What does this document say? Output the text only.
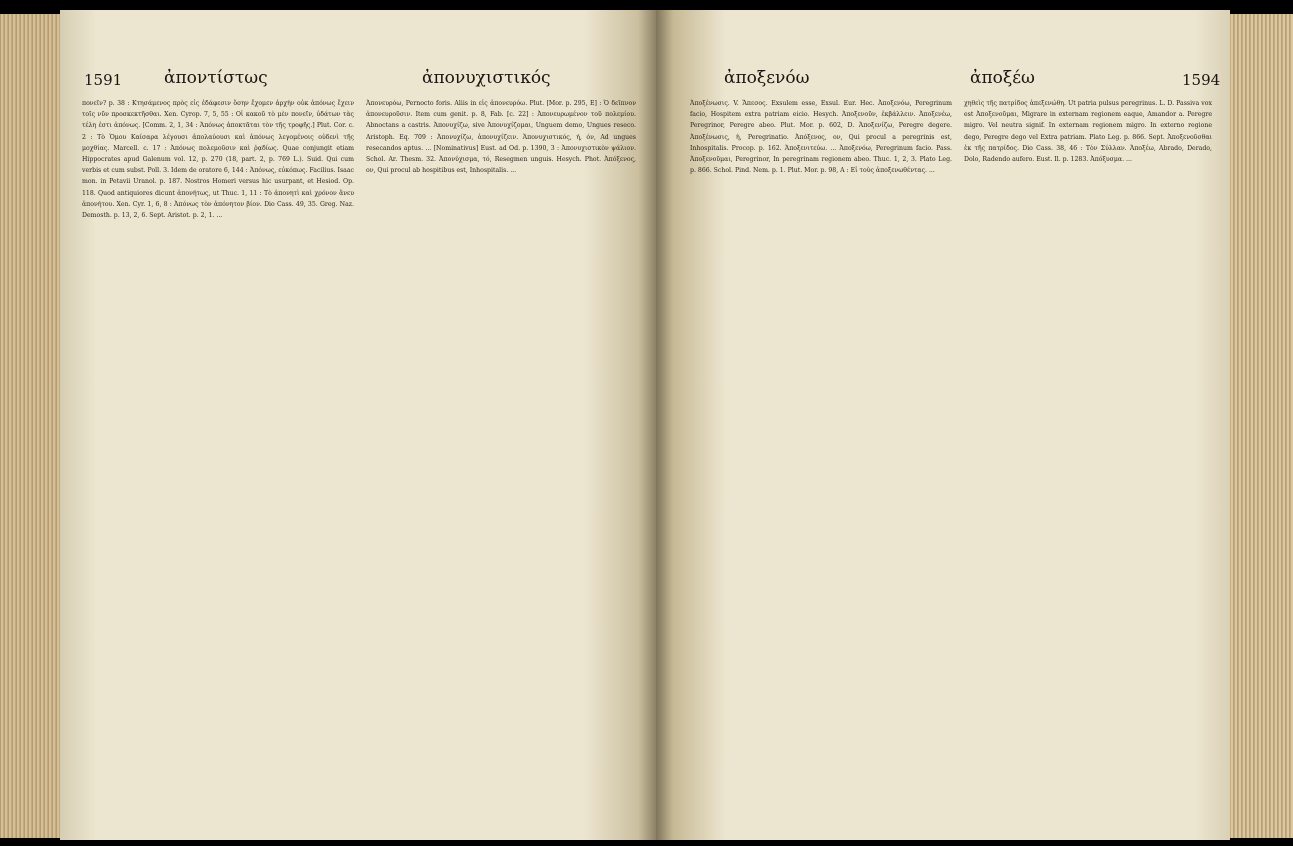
1591 ἀποντίστως	ἀπονυχιστικός

πονεῖν? p. 38 : Κτησάμενος πρὸς εἰς ἐδάφεσιν ὅσην ἔχομεν ἀρχὴν οὐκ ἀπόνως ἔχειν τοῖς νῦν προσκεκτῆσθαι. Xen. Cyrop. 7, 5, 55 : Οἱ κακοῦ τὸ μὲν πονεῖν, ὑδάτων τὰς τέλη ἐστι ἀπόνως. [Comm. 2, 1, 34 : Ἀπόνως ἀποκτᾶται τὸν τῆς τροφῆς.] Plut. Cor. c. 2 : Τὸ Ὁμου Καίσαρα λέγουσι ἀπολαύουσι καὶ ἀπόνως λεγομένοις οὐδενὶ τῆς μοχθίας. Marcell. c. 17 : Ἀπόνως πολεμοῦσιν καὶ ῥᾳδίως. Quae conjungit etiam Hippocrates apud Galenum vol. 12, p. 270 (18, part. 2, p. 769 L.). Suid. Qui cum verbis et cum subst. Poll. 3. Idem de oratore 6, 144 : Ἀπόνως, εὐκόπως. Facilius. Isaac mon. in Petavii Uranol. p. 187. Nostros Homeri versus hic usurpant, et Hesiod. Op. 118. Quod antiquiores dicunt ἀπονήτως, ut Thuc. 1, 11 : Τὸ ἀπονητὶ καὶ χρόνον ἄνευ ἀπονήτου. Xen. Cyr. 1, 6, 8 : Ἀπόνως τὸν ἀπόνητον βίον. Dio Cass. 49, 35. Greg. Naz. Demosth. p. 13, 2, 6. Sept. Aristot. p. 2, 1. ...

Ἀπονευρόω, Pernocto foris. Aliis in εἰς ἀπονευρόω. Plut. [Mor. p. 295, E] : Ὁ δεῖπνον ἀπονευροῦσιν. Item cum genit. p. 8, Fab. [c. 22] : Ἀπονευρωμένον τοῦ πολεμίου. Abnoctans a castris. Ἀπονυχίζω, sive Ἀπονυχίζομαι, Unguem demo, Ungues reseco. Aristoph. Eq. 709 : Ἀπονυχίζω, ἀπονυχίζειν. Ἀπονυχιστικός, ή, όν, Ad ungues resecandos aptus. ... [Nominativus] Eust. ad Od. p. 1390, 3 : Ἀπονυχιστικὸν ψάλιον. Schol. Ar. Thesm. 32. Ἀπονύχισμα, τό, Resegmen unguis. Hesych. Phot. Ἀπόξενος, ον, Qui procul ab hospitibus est, Inhospitalis. ...

ἀποξενόω	ἀποξέω	1594

Ἀποξένωσις. V. Ἄπεσος. Exsulem esse, Exsul. Eur. Hec. Ἀποξενόω, Peregrinum facio, Hospitem extra patriam eicio. Hesych. Ἀποξενοῦν, ἐκβάλλειν. Ἀποξενέω, Peregrinor, Peregre abeo. Plut. Mor. p. 602, D. Ἀποξενίζω, Peregre degere. Ἀποξένωσις, ἡ, Peregrinatio. Ἀπόξενος, ον, Qui procul a peregrinis est, Inhospitalis. Procop. p. 162. Ἀποξενιτεύω. ... Ἀποξενόω, Peregrinum facio. Pass. Ἀποξενοῦμαι, Peregrinor, In peregrinam regionem abeo. Thuc. 1, 2, 3. Plato Leg. p. 866. Schol. Pind. Nem. p. 1. Plut. Mor. p. 98, A : Εἰ τοὺς ἀποξενωθέντας. ...

χηθεὶς τῆς πατρίδος ἀπεξενώθη. Ut patria pulsus peregrinus. L. D. Passiva vox est Ἀποξενοῦμαι, Migrare in externam regionem eaque, Amandor a. Peregre migro. Vel neutra signif. In externam regionem migro. In externo regione dego, Peregre dego vel Extra patriam. Plato Leg. p. 866. Sept. Ἀποξενοῦσθαι ἐκ τῆς πατρίδος. Dio Cass. 38, 46 : Τὸν Σύλλαν. Ἀποξέω, Abrado, Derado, Dolo, Radendo aufero. Eust. Il. p. 1283. Ἀπόξυσμα. ...
